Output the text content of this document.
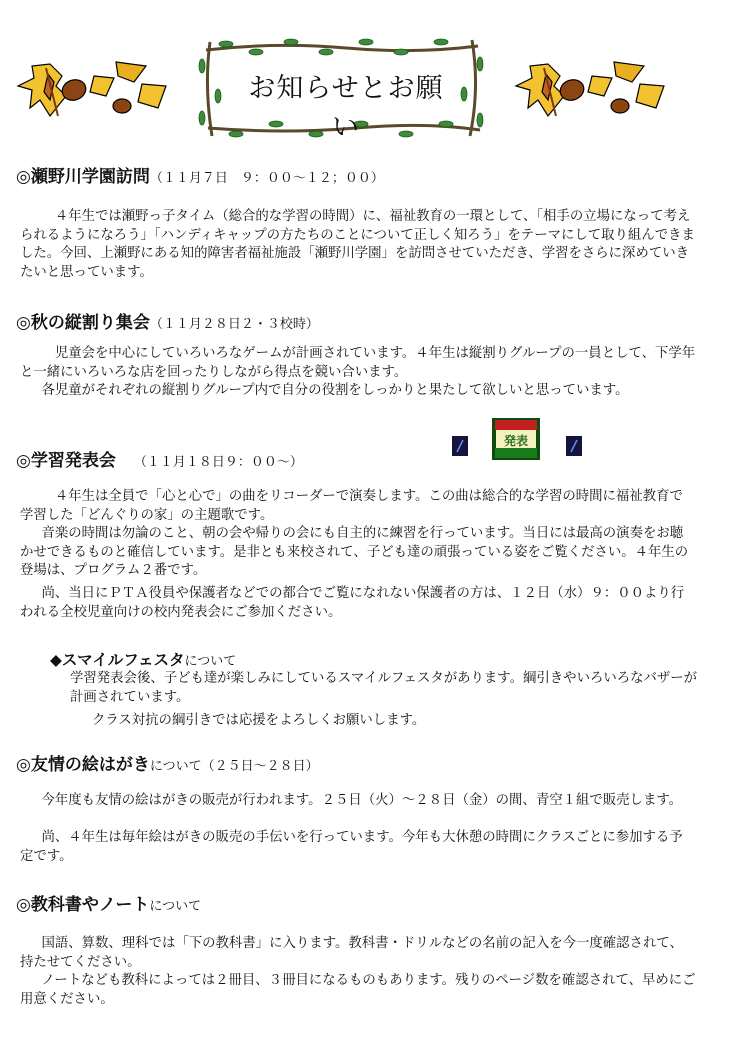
お知らせとお願い
◎瀬野川学園訪問（１１月７日　９：００～１２；００）

４年生では瀬野っ子タイム（総合的な学習の時間）に、福祉教育の一環として、「相手の立場になって考えられるようになろう」「ハンディキャップの方たちのことについて正しく知ろう」をテーマにして取り組んできました。今回、上瀬野にある知的障害者福祉施設「瀬野川学園」を訪問させていただき、学習をさらに深めていきたいと思っています。

◎秋の縦割り集会（１１月２８日２・３校時）

児童会を中心にしていろいろなゲームが計画されています。４年生は縦割りグループの一員として、下学年と一緒にいろいろな店を回ったりしながら得点を競い合います。

各児童がそれぞれの縦割りグループ内で自分の役割をしっかりと果たして欲しいと思っています。

◎学習発表会 （１１月１８日９：００～）
発表

４年生は全員で「心と心で」の曲をリコーダーで演奏します。この曲は総合的な学習の時間に福祉教育で学習した「どんぐりの家」の主題歌です。

音楽の時間は勿論のこと、朝の会や帰りの会にも自主的に練習を行っています。当日には最高の演奏をお聴かせできるものと確信しています。是非とも来校されて、子ども達の頑張っている姿をご覧ください。４年生の登場は、プログラム２番です。

尚、当日にＰＴＡ役員や保護者などでの都合でご覧になれない保護者の方は、１２日（水）９：００より行われる全校児童向けの校内発表会にご参加ください。

◆スマイルフェスタについて

学習発表会後、子ども達が楽しみにしているスマイルフェスタがあります。綱引きやいろいろなバザーが計画されています。

クラス対抗の綱引きでは応援をよろしくお願いします。
◎友情の絵はがきについて（２５日～２８日）

今年度も友情の絵はがきの販売が行われます。２５日（火）～２８日（金）の間、青空１組で販売します。

尚、４年生は毎年絵はがきの販売の手伝いを行っています。今年も大休憩の時間にクラスごとに参加する予定です。

◎教科書やノートについて

国語、算数、理科では「下の教科書」に入ります。教科書・ドリルなどの名前の記入を今一度確認されて、持たせてください。

ノートなども教科によっては２冊目、３冊目になるものもあります。残りのページ数を確認されて、早めにご用意ください。
